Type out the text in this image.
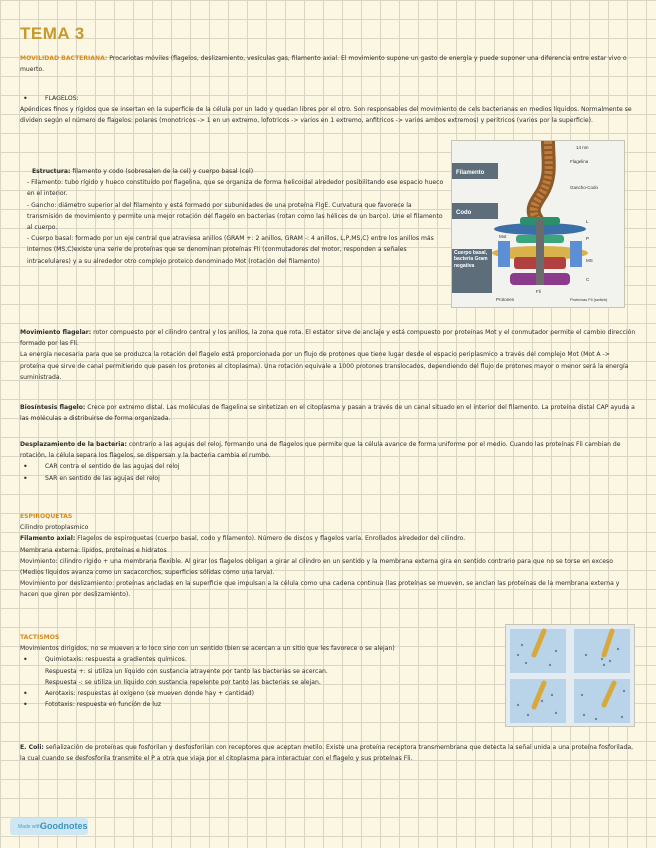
TEMA 3
MOVILIDAD BACTERIANA: Procariotas móviles (flagelos, deslizamiento, vesículas gas, filamento axial. El movimiento supone un gasto de energía y puede suponer una diferencia entre estar vivo o muerto.
• FLAGELOS:
Apéndices finos y rígidos que se insertan en la superficie de la célula por un lado y quedan libres por el otro. Son responsables del movimiento de cels bacterianas en medios líquidos. Normalmente se dividen según el número de flagelos: polares (monotricos -> 1 en un extremo, lofotricos -> varios en 1 extremo, anfitricos -> varios ambos extremos) y peritricos (varios por la superficie).
Estructura: filamento y codo (sobresalen de la cel) y cuerpo basal (cel)
- Filamento: tubo rígido y hueco constituido por flagelina, que se organiza de forma helicoidal alrededor posibilitando ese espacio hueco en el interior.
- Gancho: diámetro superior al del filamento y está formado por subunidades de una proteína FlgE. Curvatura que favorece la transmisión de movimiento y permite una mejor rotación del flagelo en bacterias (rotan como las hélices de un barco). Une el filamento al cuerpo.
- Cuerpo basal: formado por un eje central que atraviesa anillos (GRAM +: 2 anillos, GRAM -: 4 anillos, L,P,MS,C) entre los anillos más internos (MS,C)existe una serie de proteínas que se denominan proteínas Fli (conmutadores del motor, responden a señales intracelulares) y a su alrededor otro complejo proteico denominado Mot (rotación del filamento)
Filamento
Codo
Cuerpo basal, bacteria Gram negativa
14 nm
Flagelina
Gancho-Codo
L
P
MS
C
Mot
Fli
Protones	Proteínas Fli (switch)
Movimiento flagelar: rotor compuesto por el cilindro central y los anillos, la zona que rota. El estator sirve de anclaje y está compuesto por proteínas Mot y el conmutador permite el cambio dirección formado por las Fli.
La energía necesaria para que se produzca la rotación del flagelo está proporcionada por un flujo de protones que tiene lugar desde el espacio periplasmico a través del complejo Mot (Mot A -> proteína que sirve de canal permitiendo que pasen los protones al citoplasma). Una rotación equivale a 1000 protones translocados, dependiendo del flujo de protones mayor o menor será la energía suministrada.
Biosíntesis flagelo: Crece por extremo distal. Las moléculas de flagelina se sintetizan en el citoplasma y pasan a través de un canal situado en el interior del filamento. La proteína distal CAP ayuda a las moléculas a distribuirse de forma organizada.
Desplazamiento de la bacteria: contrario a las agujas del reloj, formando una de flagelos que permite que la célula avance de forma uniforme por el medio. Cuando las proteínas Fli cambian de rotación, la célula separa los flagelos, se dispersan y la bacteria cambia el rumbo.
• CAR contra el sentido de las agujas del reloj
• SAR en sentido de las agujas del reloj
ESPIROQUETAS
Cilindro protoplasmico
Filamento axial: Flagelos de espiroquetas (cuerpo basal, codo y filamento). Número de discos y flagelos varía. Enrollados alrededor del cilindro.
Membrana externa: lípidos, proteínas e hidratos
Movimiento: cilindro rígido + una membrana flexible. Al girar los flagelos obligan a girar al cilindro en un sentido y la membrana externa gira en sentido contrario para que no se torse en exceso (Medios líquidos avanza como un sacacorchos, superficies sólidas como una larva).
Movimiento por deslizamiento: proteínas ancladas en la superficie que impulsan a la célula como una cadena continua (las proteínas se mueven, se anclan las proteínas de la membrana externa y hacen que giren por deslizamiento).
TACTISMOS
Movimientos dirigidos, no se mueven a lo loco sino con un sentido (bien se acercan a un sitio que les favorece o se alejan)
• Quimiotaxis: respuesta a gradientes químicos.
Respuesta +: si utiliza un líquido con sustancia atrayente por tanto las bacterias se acercan.
Respuesta -: se utiliza un líquido con sustancia repelente por tanto las bacterias se alejan.
• Aerotaxis: respuestas al oxígeno (se mueven donde hay + cantidad)
• Fototaxis: respuesta en función de luz
E. Coli: señalización de proteínas que fosforilan y desfosforilan con receptores que aceptan metilo. Existe una proteína receptora transmembrana que detecta la señal unida a una proteína fosforilada, la cual cuando se desfosforila transmite el P a otra que viaja por el citoplasma para interactuar con el flagelo y sus proteínas Fli.
Made with Goodnotes
